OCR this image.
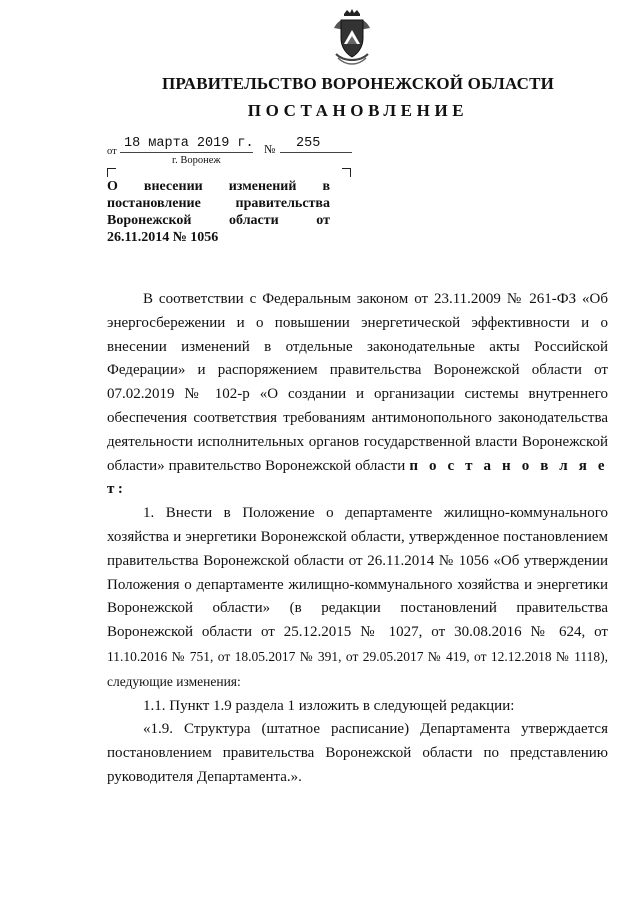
ПРАВИТЕЛЬСТВО ВОРОНЕЖСКОЙ ОБЛАСТИ
ПОСТАНОВЛЕНИЕ
от
18 марта 2019 г. № 255
г. Воронеж
О внесении изменений в
постановление правительства
Воронежской области от
26.11.2014 № 1056

В соответствии с Федеральным законом от 23.11.2009 № 261-ФЗ «Об энергосбережении и о повышении энергетической эффективности и о внесении изменений в отдельные законодательные акты Российской Федерации» и распоряжением правительства Воронежской области от 07.02.2019 № 102-р «О создании и организации системы внутреннего обеспечения соответствия требованиям антимонопольного законодательства деятельности исполнительных органов государственной власти Воронежской области» правительство Воронежской области п о с т а н о в л я е т:

1. Внести в Положение о департаменте жилищно-коммунального хозяйства и энергетики Воронежской области, утвержденное постановлением правительства Воронежской области от 26.11.2014 № 1056 «Об утверждении Положения о департаменте жилищно-коммунального хозяйства и энергетики Воронежской области» (в редакции постановлений правительства Воронежской области от 25.12.2015 № 1027, от 30.08.2016 № 624, от 11.10.2016 № 751, от 18.05.2017 № 391, от 29.05.2017 № 419, от 12.12.2018 № 1118), следующие изменения:

1.1. Пункт 1.9 раздела 1 изложить в следующей редакции:

«1.9. Структура (штатное расписание) Департамента утверждается постановлением правительства Воронежской области по представлению руководителя Департамента.».
